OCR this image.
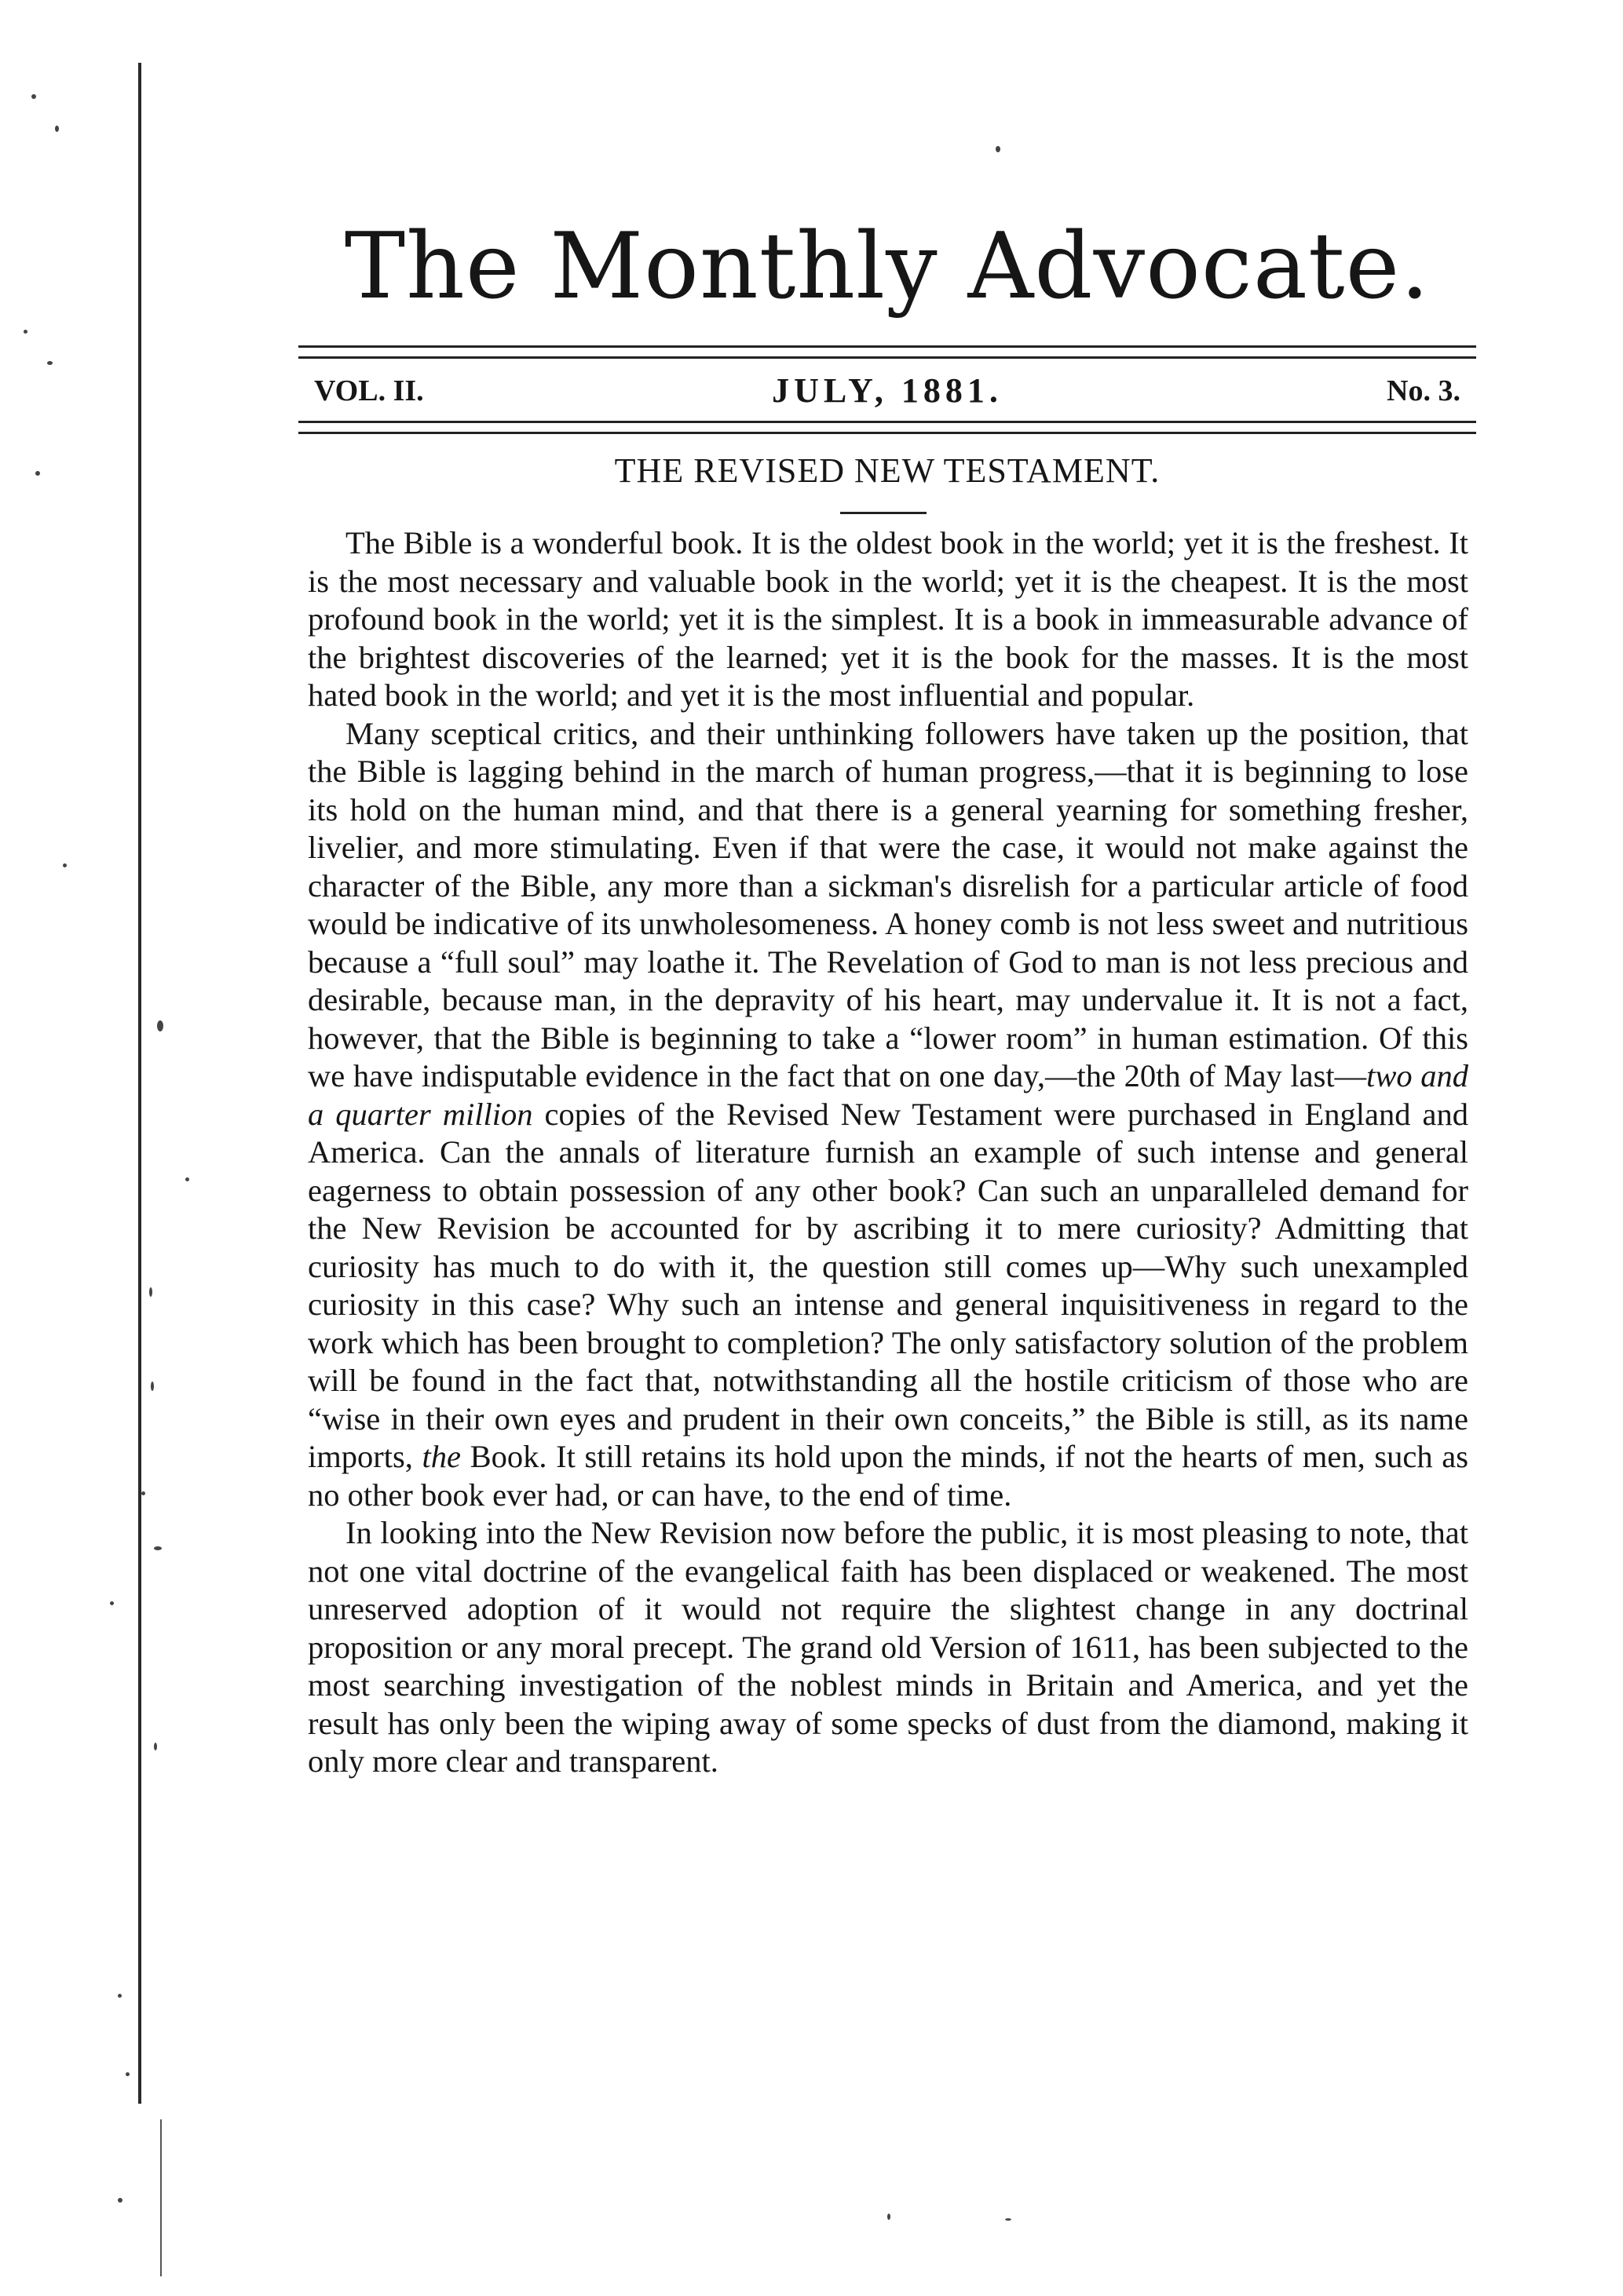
The Monthly Advocate.
VOL. II.	JULY, 1881.	No. 3.
THE REVISED NEW TESTAMENT.

The Bible is a wonderful book. It is the oldest book in the world; yet it is the freshest. It is the most necessary and valuable book in the world; yet it is the cheapest. It is the most profound book in the world; yet it is the simplest. It is a book in immeasurable advance of the brightest discoveries of the learned; yet it is the book for the masses. It is the most hated book in the world; and yet it is the most influential and popular.

Many sceptical critics, and their unthinking followers have taken up the position, that the Bible is lagging behind in the march of human progress,—that it is beginning to lose its hold on the human mind, and that there is a general yearning for something fresher, livelier, and more stimulating. Even if that were the case, it would not make against the character of the Bible, any more than a sickman's disrelish for a particular article of food would be indicative of its unwholesomeness. A honey comb is not less sweet and nutritious because a “full soul” may loathe it. The Revelation of God to man is not less precious and desirable, because man, in the depravity of his heart, may undervalue it. It is not a fact, however, that the Bible is beginning to take a “lower room” in human estimation. Of this we have indisputable evidence in the fact that on one day,—the 20th of May last—two and a quarter million copies of the Revised New Testament were purchased in England and America. Can the annals of literature furnish an example of such intense and general eagerness to obtain possession of any other book? Can such an unparalleled demand for the New Revision be accounted for by ascribing it to mere curiosity? Admitting that curiosity has much to do with it, the question still comes up—Why such unexampled curiosity in this case? Why such an intense and general inquisitiveness in regard to the work which has been brought to completion? The only satisfactory solution of the problem will be found in the fact that, notwithstanding all the hostile criticism of those who are “wise in their own eyes and prudent in their own conceits,” the Bible is still, as its name imports, the Book. It still retains its hold upon the minds, if not the hearts of men, such as no other book ever had, or can have, to the end of time.

In looking into the New Revision now before the public, it is most pleasing to note, that not one vital doctrine of the evangelical faith has been displaced or weakened. The most unreserved adoption of it would not require the slightest change in any doctrinal proposition or any moral precept. The grand old Version of 1611, has been subjected to the most searching investigation of the noblest minds in Britain and America, and yet the result has only been the wiping away of some specks of dust from the diamond, making it only more clear and transparent.
